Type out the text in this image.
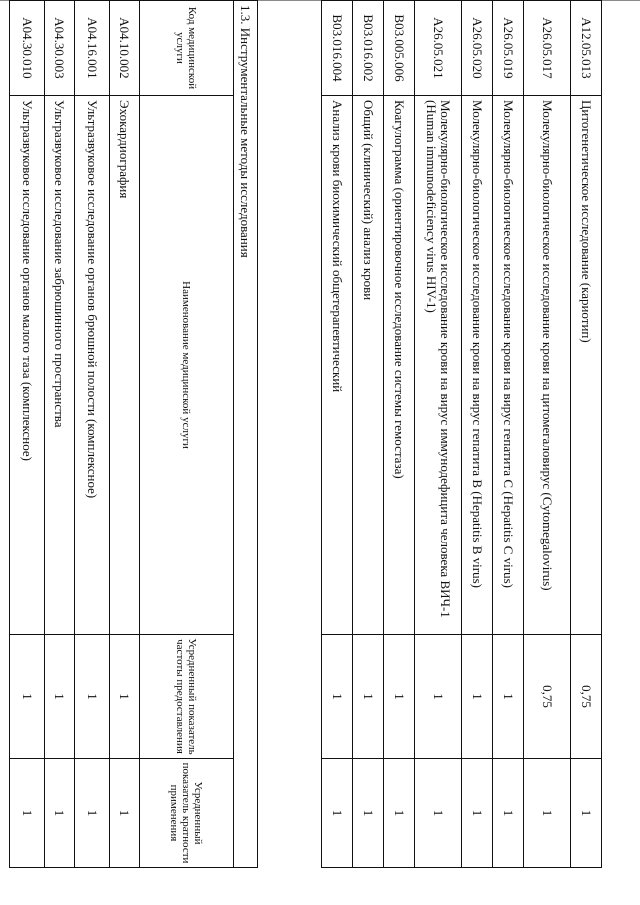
A12.05.013	Цитогенетическое исследование (кариотип)	0,75	1
A26.05.017	Молекулярно-биологическое исследование крови на цитомегаловирус (Cytomegalovirus)	0,75	1
A26.05.019	Молекулярно-биологическое исследование крови на вирус гепатита C (Hepatitis C virus)	1	1
A26.05.020	Молекулярно-биологическое исследование крови на вирус гепатита B (Hepatitis B virus)	1	1
A26.05.021	Молекулярно-биологическое исследование крови на вирус иммунодефицита человека ВИЧ-1 (Human immunodeficiency virus HIV-1)	1	1
B03.005.006	Коагулограмма (ориентировочное исследование системы гемостаза)	1	1
B03.016.002	Общий (клинический) анализ крови	1	1
B03.016.004	Анализ крови биохимический общетерапевтический	1	1
1.3. Инструментальные методы исследования			
Код медицинской услуги	Наименование медицинской услуги	Усредненный показатель частоты предоставления	Усредненный показатель кратности применения
A04.10.002	Эхокардиография	1	1
A04.16.001	Ультразвуковое исследование органов брюшной полости (комплексное)	1	1
A04.30.003	Ультразвуковое исследование забрюшинного пространства	1	1
A04.30.010	Ультразвуковое исследование органов малого таза (комплексное)	1	1
